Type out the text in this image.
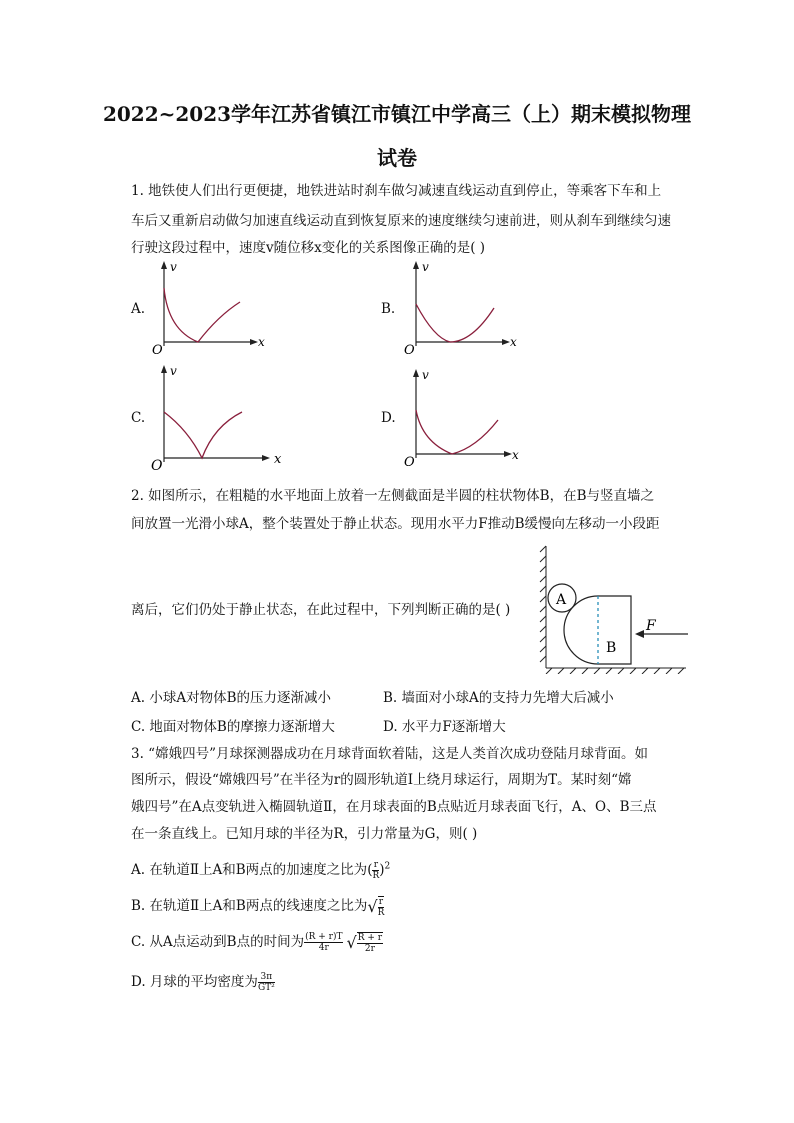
2022~2023学年江苏省镇江市镇江中学高三（上）期末模拟物理
试卷
1. 地铁使人们出行更便捷，地铁进站时刹车做匀减速直线运动直到停止，等乘客下车和上
车后又重新启动做匀加速直线运动直到恢复原来的速度继续匀速前进，则从刹车到继续匀速
行驶这段过程中，速度v随位移x变化的关系图像正确的是( )
A.	B.
C.	D.
v
x
O
v
x
O
v
x
O
v
x
O
2. 如图所示，在粗糙的水平地面上放着一左侧截面是半圆的柱状物体B，在B与竖直墙之
间放置一光滑小球A，整个装置处于静止状态。现用水平力F推动B缓慢向左移动一小段距
离后，它们仍处于静止状态，在此过程中，下列判断正确的是( )
A
B
F
A. 小球A对物体B的压力逐渐减小	B. 墙面对小球A的支持力先增大后减小
C. 地面对物体B的摩擦力逐渐增大	D. 水平力F逐渐增大
3. “嫦娥四号”月球探测器成功在月球背面软着陆，这是人类首次成功登陆月球背面。如
图所示，假设“嫦娥四号”在半径为r的圆形轨道Ⅰ上绕月球运行，周期为T。某时刻“嫦
娥四号”在A点变轨进入椭圆轨道Ⅱ，在月球表面的B点贴近月球表面飞行，A、O、B三点
在一条直线上。已知月球的半径为R，引力常量为G，则( )
A. 在轨道Ⅱ上A和B两点的加速度之比为( $\frac{r}{R} )^2$
B. 在轨道Ⅱ上A和B两点的线速度之比为√ $\frac{r}{R}$
C. 从A点运动到B点的时间为 $\frac{(R + r)T}{4r}$ √ $\frac{R + r}{2r}$
D. 月球的平均密度为 $\frac{3\pi}{\text{GT²}}$
